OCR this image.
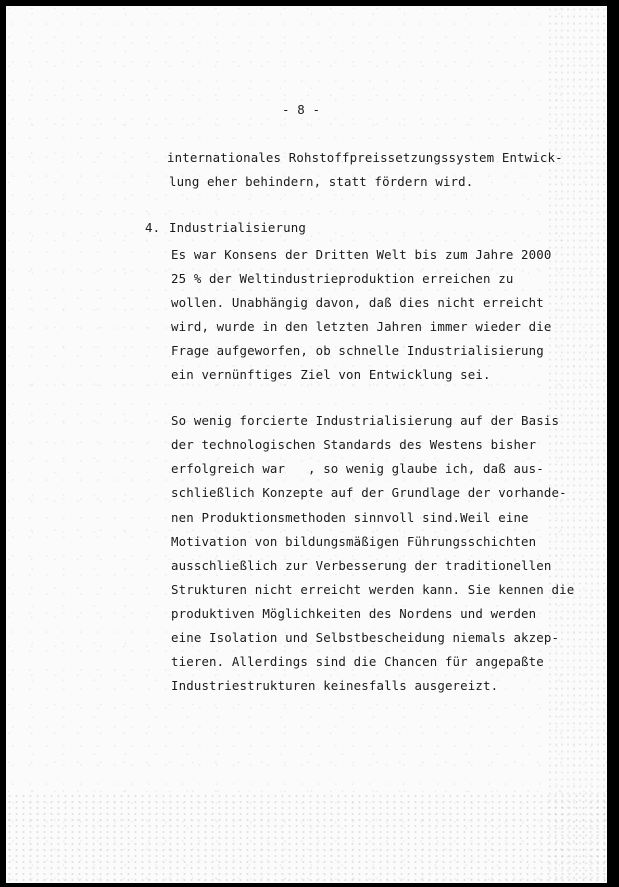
- 8 -
internationales Rohstoffpreissetzungssystem Entwick-
lung eher behindern, statt fördern wird.
4. Industrialisierung
Es war Konsens der Dritten Welt bis zum Jahre 2000
25 % der Weltindustrieproduktion erreichen zu
wollen. Unabhängig davon, daß dies nicht erreicht
wird, wurde in den letzten Jahren immer wieder die
Frage aufgeworfen, ob schnelle Industrialisierung
ein vernünftiges Ziel von Entwicklung sei.
So wenig forcierte Industrialisierung auf der Basis
der technologischen Standards des Westens bisher
erfolgreich war   , so wenig glaube ich, daß aus-
schließlich Konzepte auf der Grundlage der vorhande-
nen Produktionsmethoden sinnvoll sind.Weil eine
Motivation von bildungsmäßigen Führungsschichten
ausschließlich zur Verbesserung der traditionellen
Strukturen nicht erreicht werden kann. Sie kennen die
produktiven Möglichkeiten des Nordens und werden
eine Isolation und Selbstbescheidung niemals akzep-
tieren. Allerdings sind die Chancen für angepaßte
Industriestrukturen keinesfalls ausgereizt.
